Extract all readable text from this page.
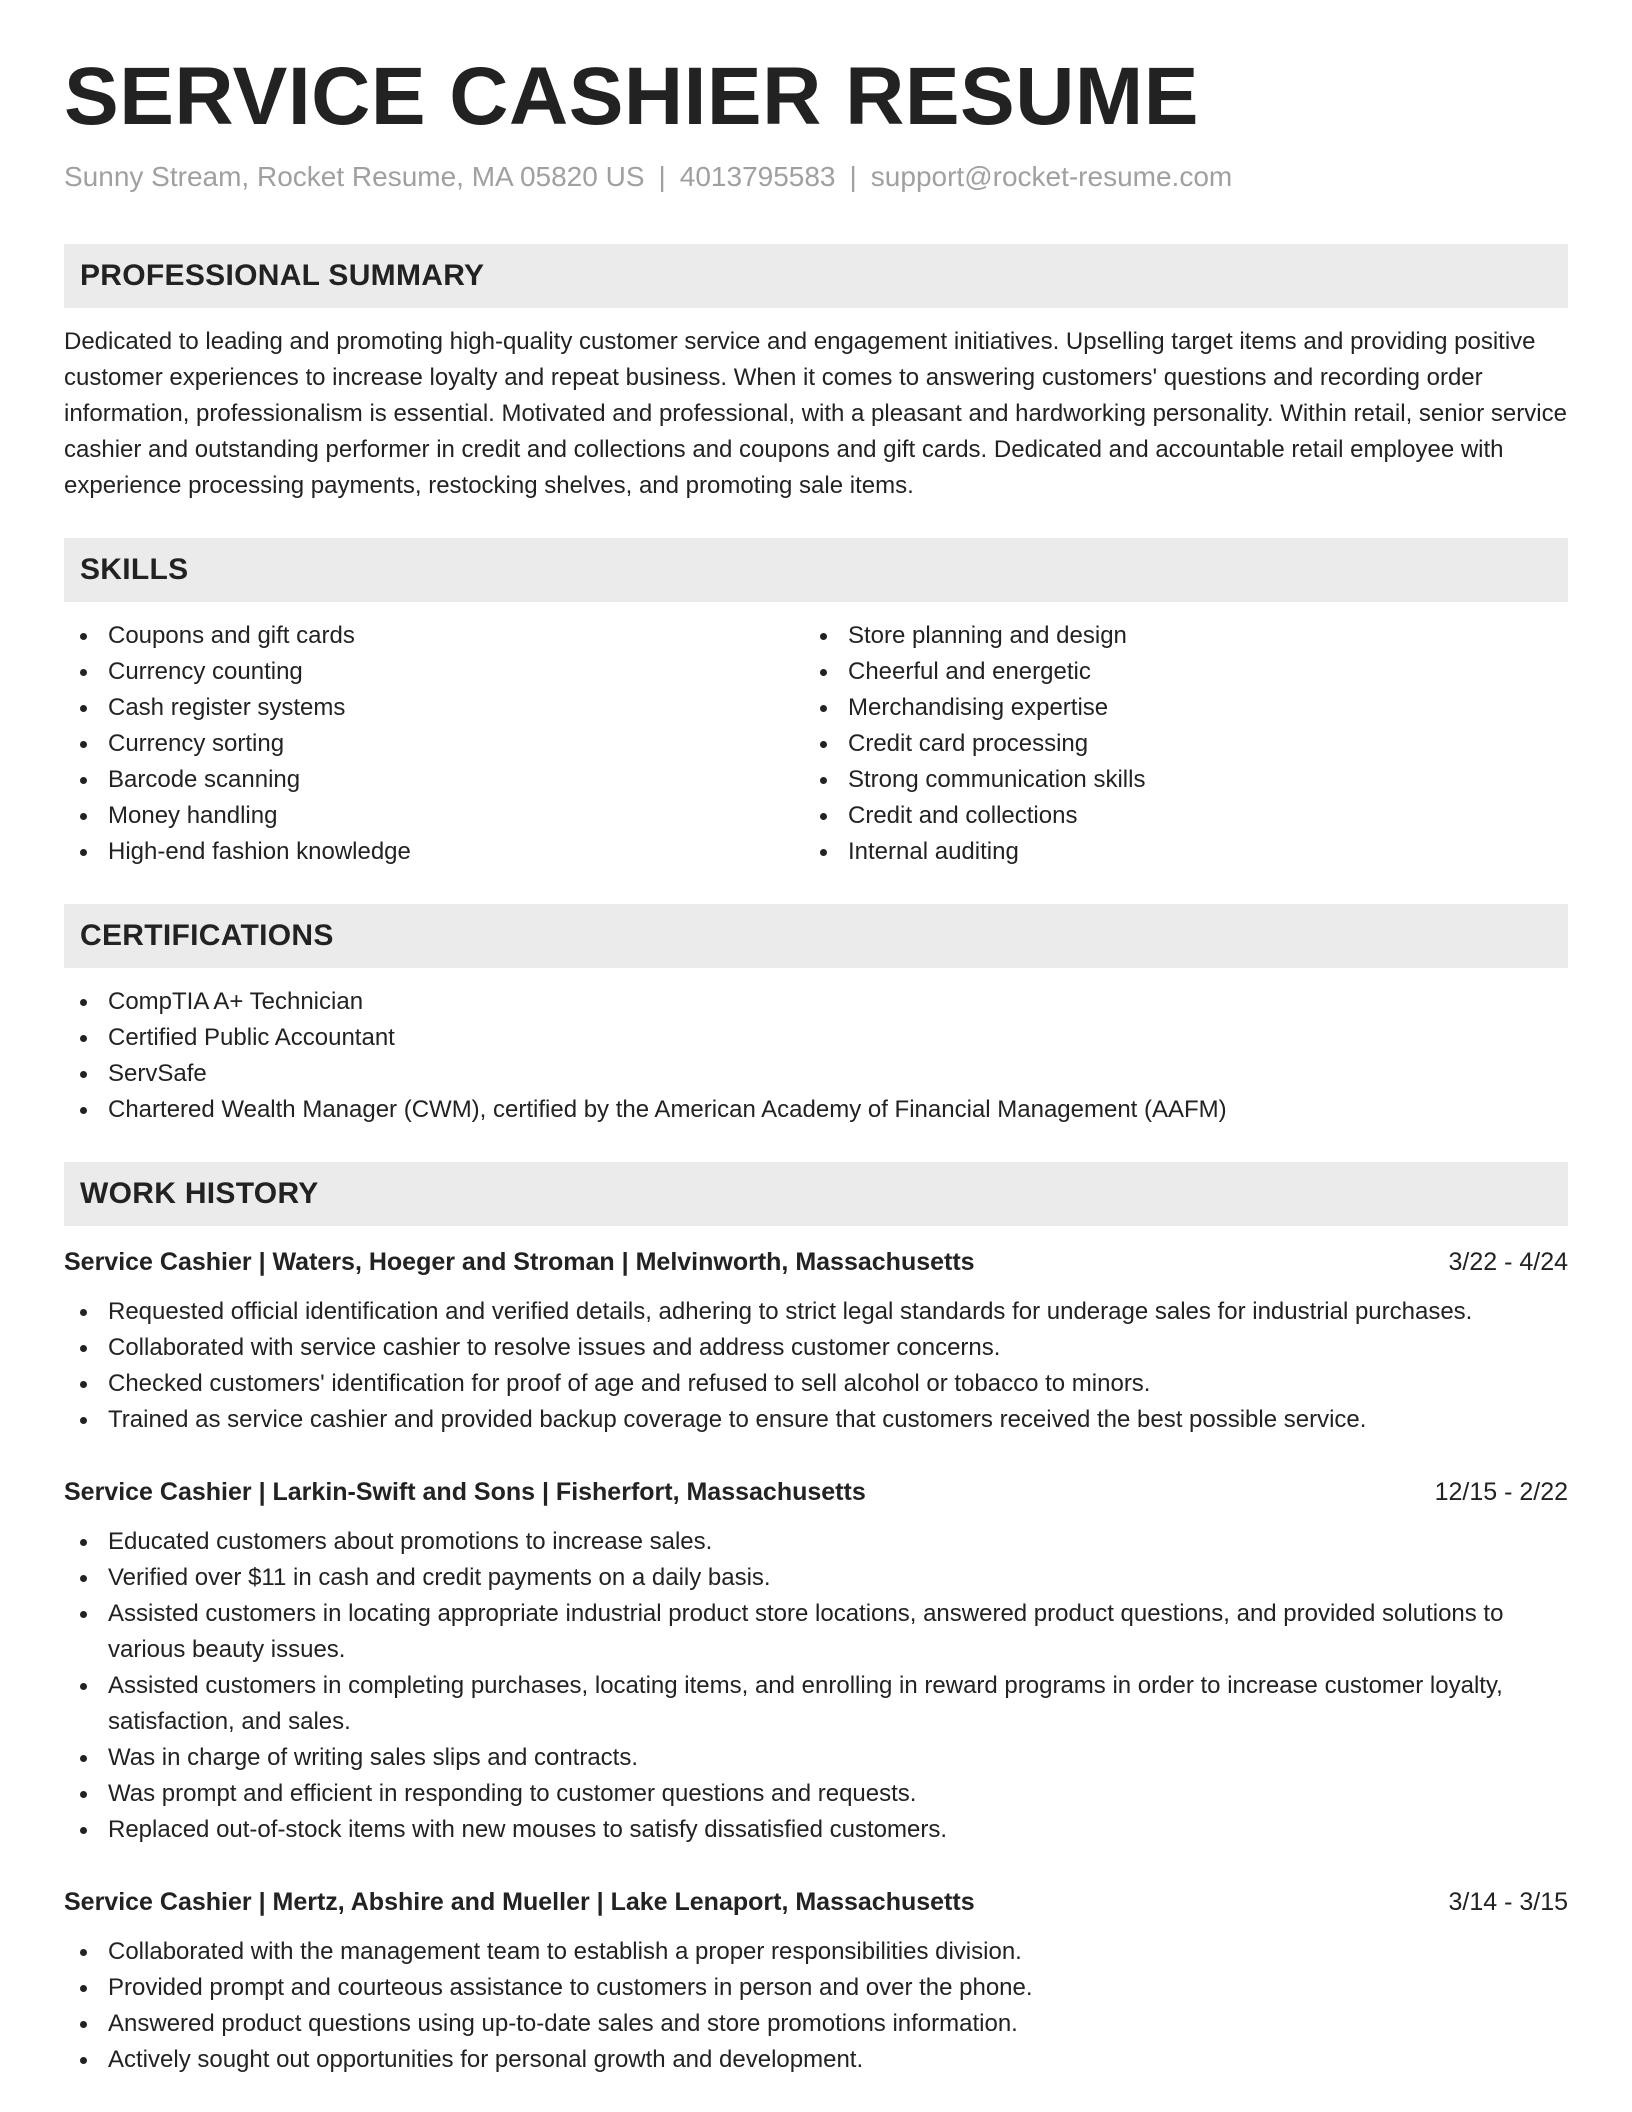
SERVICE CASHIER RESUME
Sunny Stream, Rocket Resume, MA 05820 US | 4013795583 | support@rocket-resume.com
PROFESSIONAL SUMMARY

Dedicated to leading and promoting high-quality customer service and engagement initiatives. Upselling target items and providing positive customer experiences to increase loyalty and repeat business. When it comes to answering customers' questions and recording order information, professionalism is essential. Motivated and professional, with a pleasant and hardworking personality. Within retail, senior service cashier and outstanding performer in credit and collections and coupons and gift cards. Dedicated and accountable retail employee with experience processing payments, restocking shelves, and promoting sale items.

SKILLS
Coupons and gift cards
Currency counting
Cash register systems
Currency sorting
Barcode scanning
Money handling
High-end fashion knowledge
Store planning and design
Cheerful and energetic
Merchandising expertise
Credit card processing
Strong communication skills
Credit and collections
Internal auditing
CERTIFICATIONS
CompTIA A+ Technician
Certified Public Accountant
ServSafe
Chartered Wealth Manager (CWM), certified by the American Academy of Financial Management (AAFM)
WORK HISTORY
Service Cashier | Waters, Hoeger and Stroman | Melvinworth, Massachusetts	3/22 - 4/24
Requested official identification and verified details, adhering to strict legal standards for underage sales for industrial purchases.
Collaborated with service cashier to resolve issues and address customer concerns.
Checked customers' identification for proof of age and refused to sell alcohol or tobacco to minors.
Trained as service cashier and provided backup coverage to ensure that customers received the best possible service.
Service Cashier | Larkin-Swift and Sons | Fisherfort, Massachusetts	12/15 - 2/22
Educated customers about promotions to increase sales.
Verified over $11 in cash and credit payments on a daily basis.
Assisted customers in locating appropriate industrial product store locations, answered product questions, and provided solutions to various beauty issues.
Assisted customers in completing purchases, locating items, and enrolling in reward programs in order to increase customer loyalty, satisfaction, and sales.
Was in charge of writing sales slips and contracts.
Was prompt and efficient in responding to customer questions and requests.
Replaced out-of-stock items with new mouses to satisfy dissatisfied customers.
Service Cashier | Mertz, Abshire and Mueller | Lake Lenaport, Massachusetts	3/14 - 3/15
Collaborated with the management team to establish a proper responsibilities division.
Provided prompt and courteous assistance to customers in person and over the phone.
Answered product questions using up-to-date sales and store promotions information.
Actively sought out opportunities for personal growth and development.
